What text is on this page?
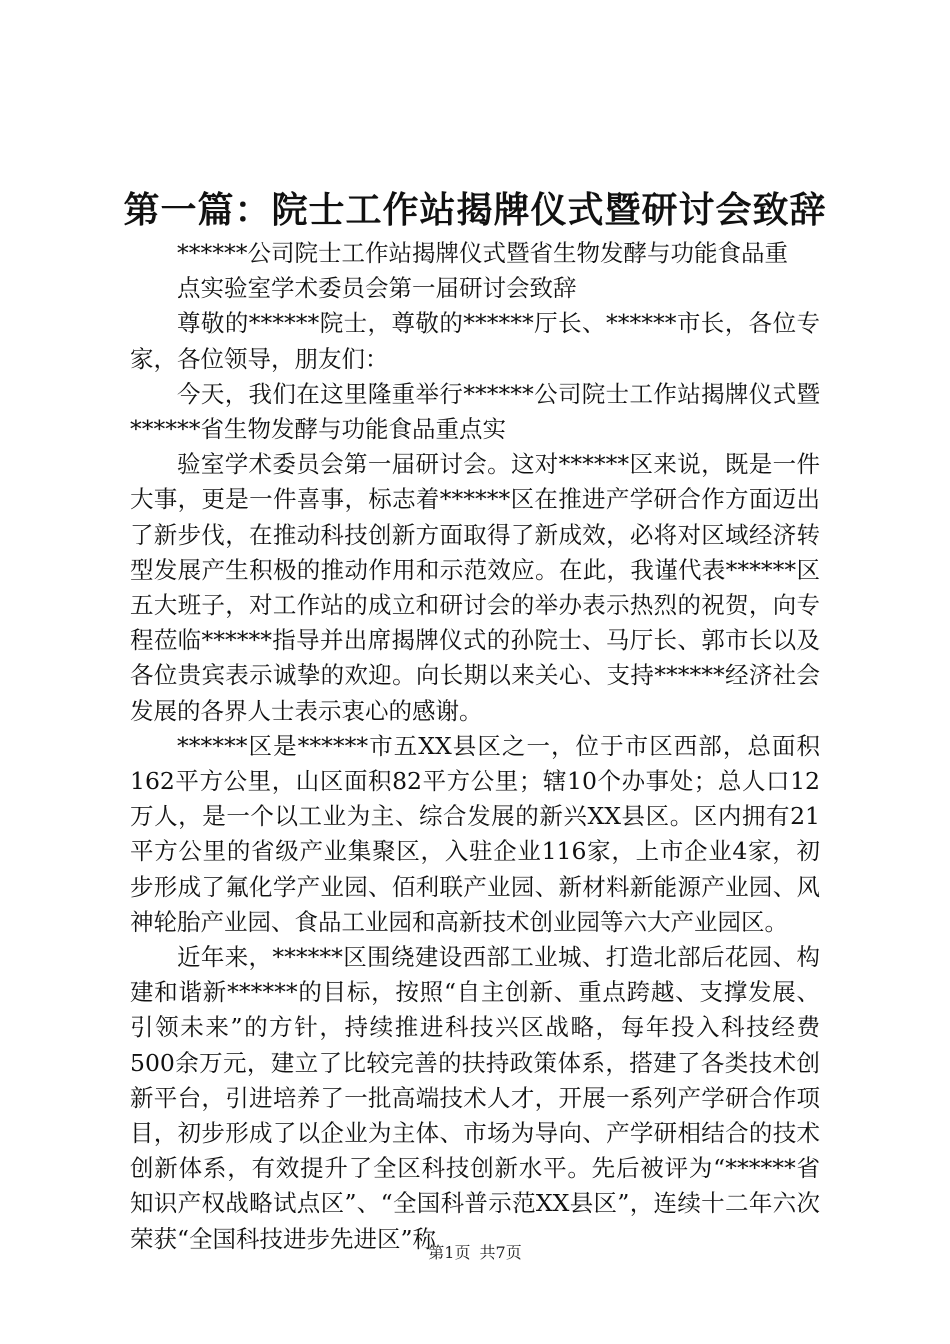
第一篇：院士工作站揭牌仪式暨研讨会致辞

******公司院士工作站揭牌仪式暨省生物发酵与功能食品重点实验室学术委员会第一届研讨会致辞

尊敬的******院士，尊敬的******厅长、******市长，各位专家，各位领导，朋友们：

今天，我们在这里隆重举行******公司院士工作站揭牌仪式暨******省生物发酵与功能食品重点实

验室学术委员会第一届研讨会。这对******区来说，既是一件大事，更是一件喜事，标志着******区在推进产学研合作方面迈出了新步伐，在推动科技创新方面取得了新成效，必将对区域经济转型发展产生积极的推动作用和示范效应。在此，我谨代表******区五大班子，对工作站的成立和研讨会的举办表示热烈的祝贺，向专程莅临******指导并出席揭牌仪式的孙院士、马厅长、郭市长以及各位贵宾表示诚挚的欢迎。向长期以来关心、支持******经济社会发展的各界人士表示衷心的感谢。

******区是******市五XX县区之一，位于市区西部，总面积162平方公里，山区面积82平方公里；辖10个办事处；总人口12万人，是一个以工业为主、综合发展的新兴XX县区。区内拥有21平方公里的省级产业集聚区，入驻企业116家，上市企业4家，初步形成了氟化学产业园、佰利联产业园、新材料新能源产业园、风神轮胎产业园、食品工业园和高新技术创业园等六大产业园区。

近年来，******区围绕建设西部工业城、打造北部后花园、构建和谐新******的目标，按照“自主创新、重点跨越、支撑发展、引领未来”的方针，持续推进科技兴区战略，每年投入科技经费500余万元，建立了比较完善的扶持政策体系，搭建了各类技术创新平台，引进培养了一批高端技术人才，开展一系列产学研合作项目，初步形成了以企业为主体、市场为导向、产学研相结合的技术创新体系，有效提升了全区科技创新水平。先后被评为“******省知识产权战略试点区”、“全国科普示范XX县区”，连续十二年六次荣获“全国科技进步先进区”称

第1页 共7页
